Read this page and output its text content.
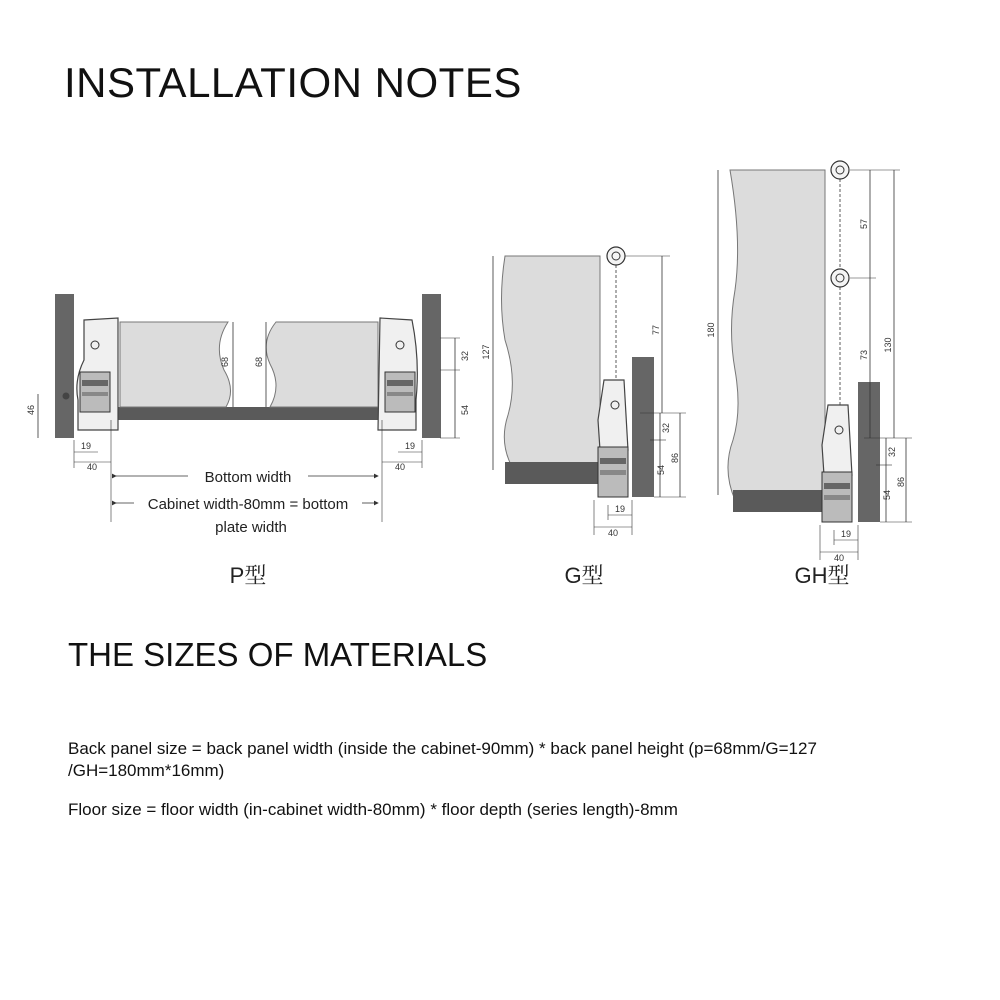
INSTALLATION NOTES
68	68
32
54
46
19
40
19
40
Bottom width
Cabinet width-80mm = bottom
plate width
P型
127
77
32
54
86
19
40
G型
180
57
73
130
32
54
86
19
40
GH型
THE SIZES OF MATERIALS

Back panel size = back panel width (inside the cabinet-90mm) * back panel height (p=68mm/G=127
/GH=180mm*16mm)

Floor size = floor width (in-cabinet width-80mm) * floor depth (series length)-8mm
